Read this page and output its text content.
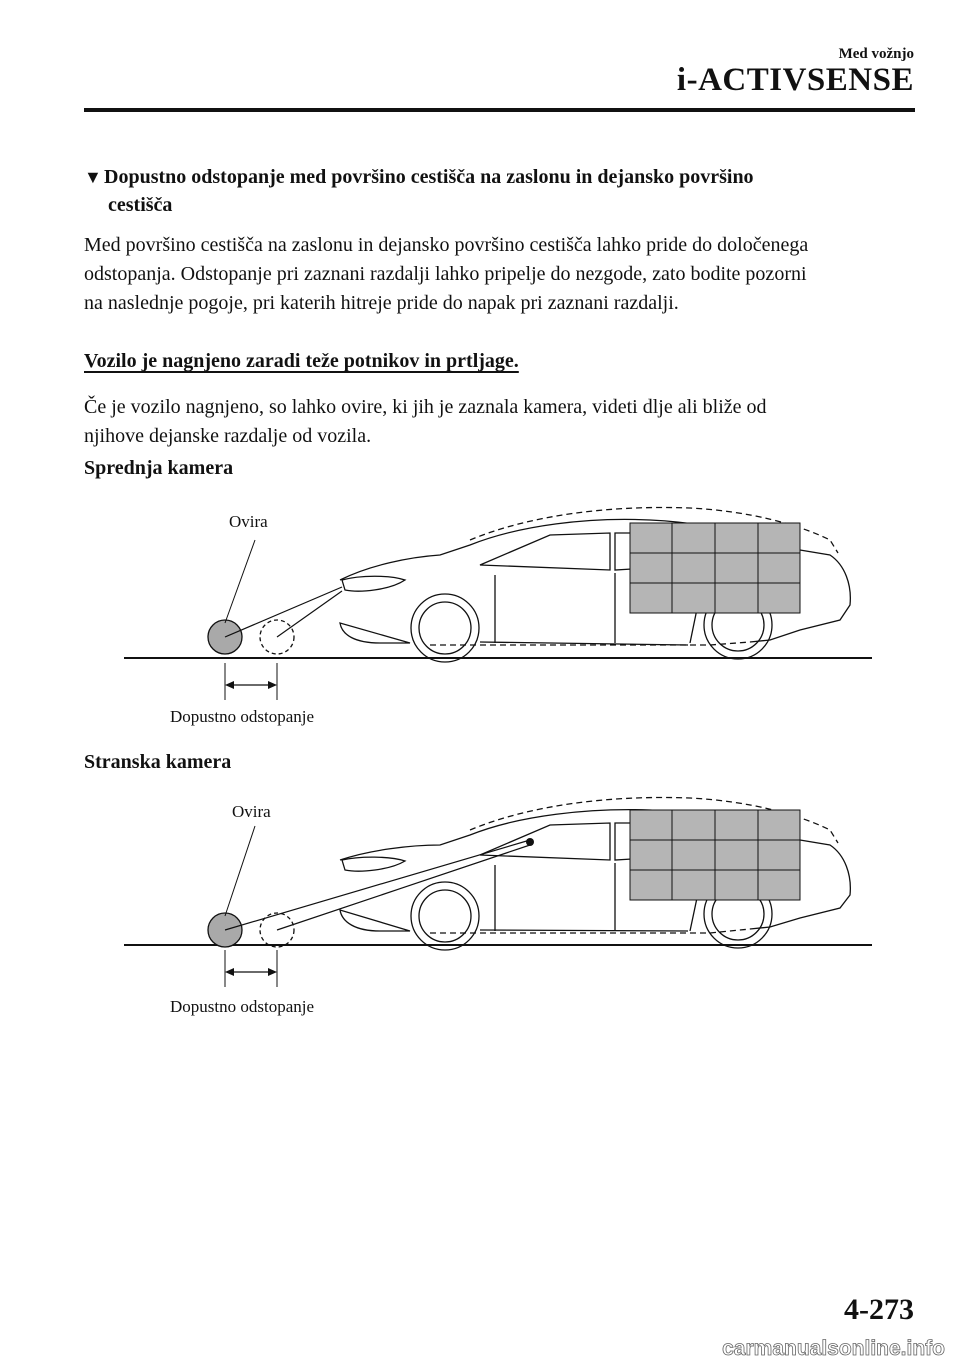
Med vožnjo
i-ACTIVSENSE
▼ Dopustno odstopanje med površino cestišča na zaslonu in dejansko površino
cestišča
Med površino cestišča na zaslonu in dejansko površino cestišča lahko pride do določenega
odstopanja. Odstopanje pri zaznani razdalji lahko pripelje do nezgode, zato bodite pozorni
na naslednje pogoje, pri katerih hitreje pride do napak pri zaznani razdalji.
Vozilo je nagnjeno zaradi teže potnikov in prtljage.
Če je vozilo nagnjeno, so lahko ovire, ki jih je zaznala kamera, videti dlje ali bliže od
njihove dejanske razdalje od vozila.
Sprednja kamera
Ovira
Dopustno odstopanje
Stranska kamera
Ovira
Dopustno odstopanje
4-273
carmanualsonline.info
